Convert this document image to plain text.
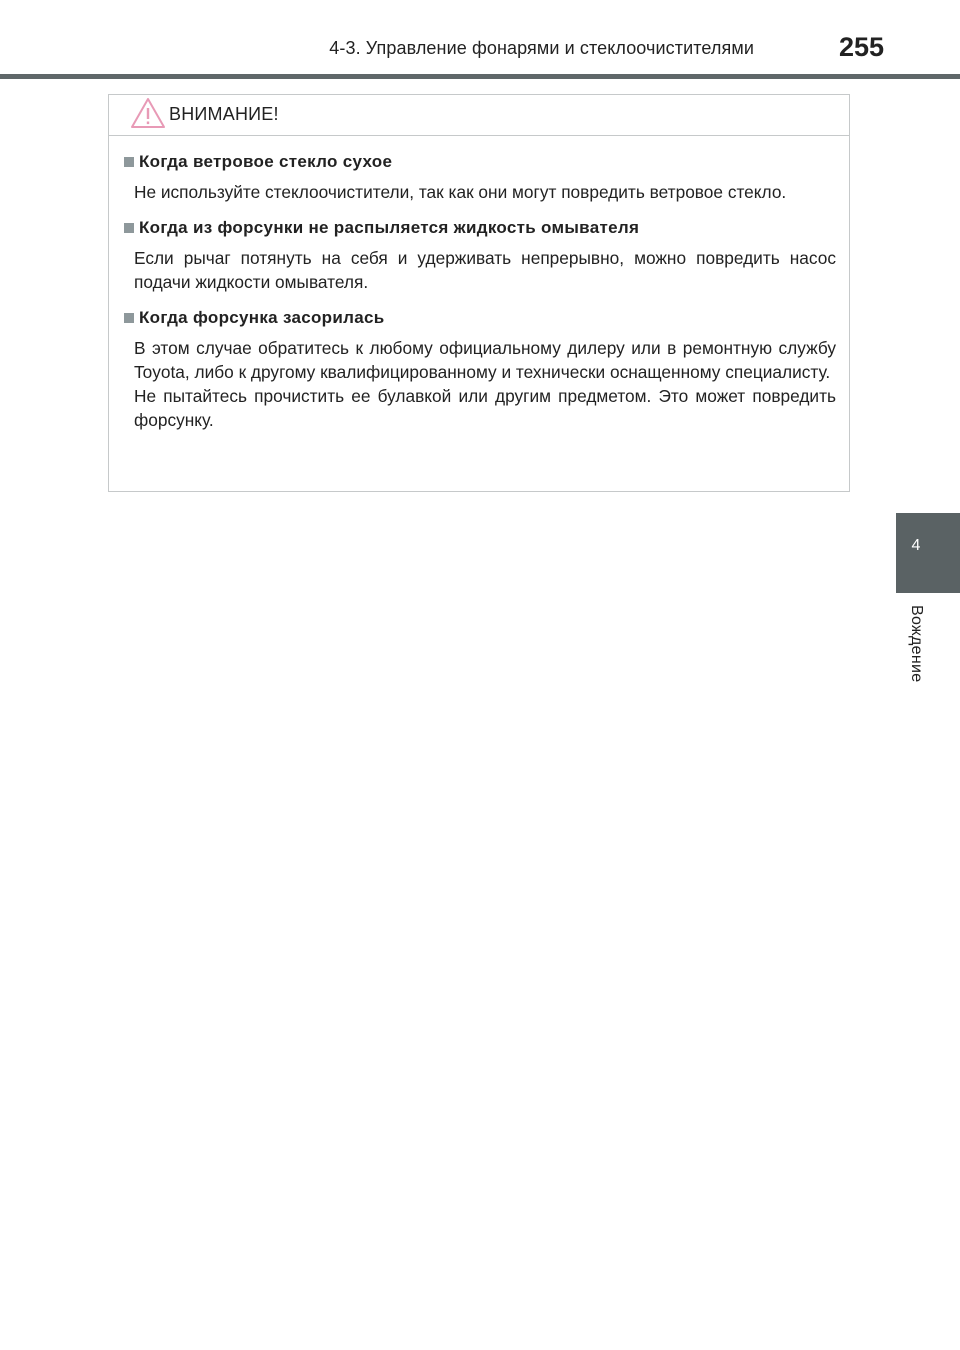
4-3. Управление фонарями и стеклоочистителями	255
4
Вождение
ВНИМАНИЕ!
Когда ветровое стекло сухое
Не используйте стеклоочистители, так как они могут повредить ветровое стекло.
Когда из форсунки не распыляется жидкость омывателя
Если рычаг потянуть на себя и удерживать непрерывно, можно повредить насос подачи жидкости омывателя.
Когда форсунка засорилась
В этом случае обратитесь к любому официальному дилеру или в ремонтную службу Toyota, либо к другому квалифицированному и технически оснащенному специалисту.
Не пытайтесь прочистить ее булавкой или другим предметом. Это может повредить форсунку.
